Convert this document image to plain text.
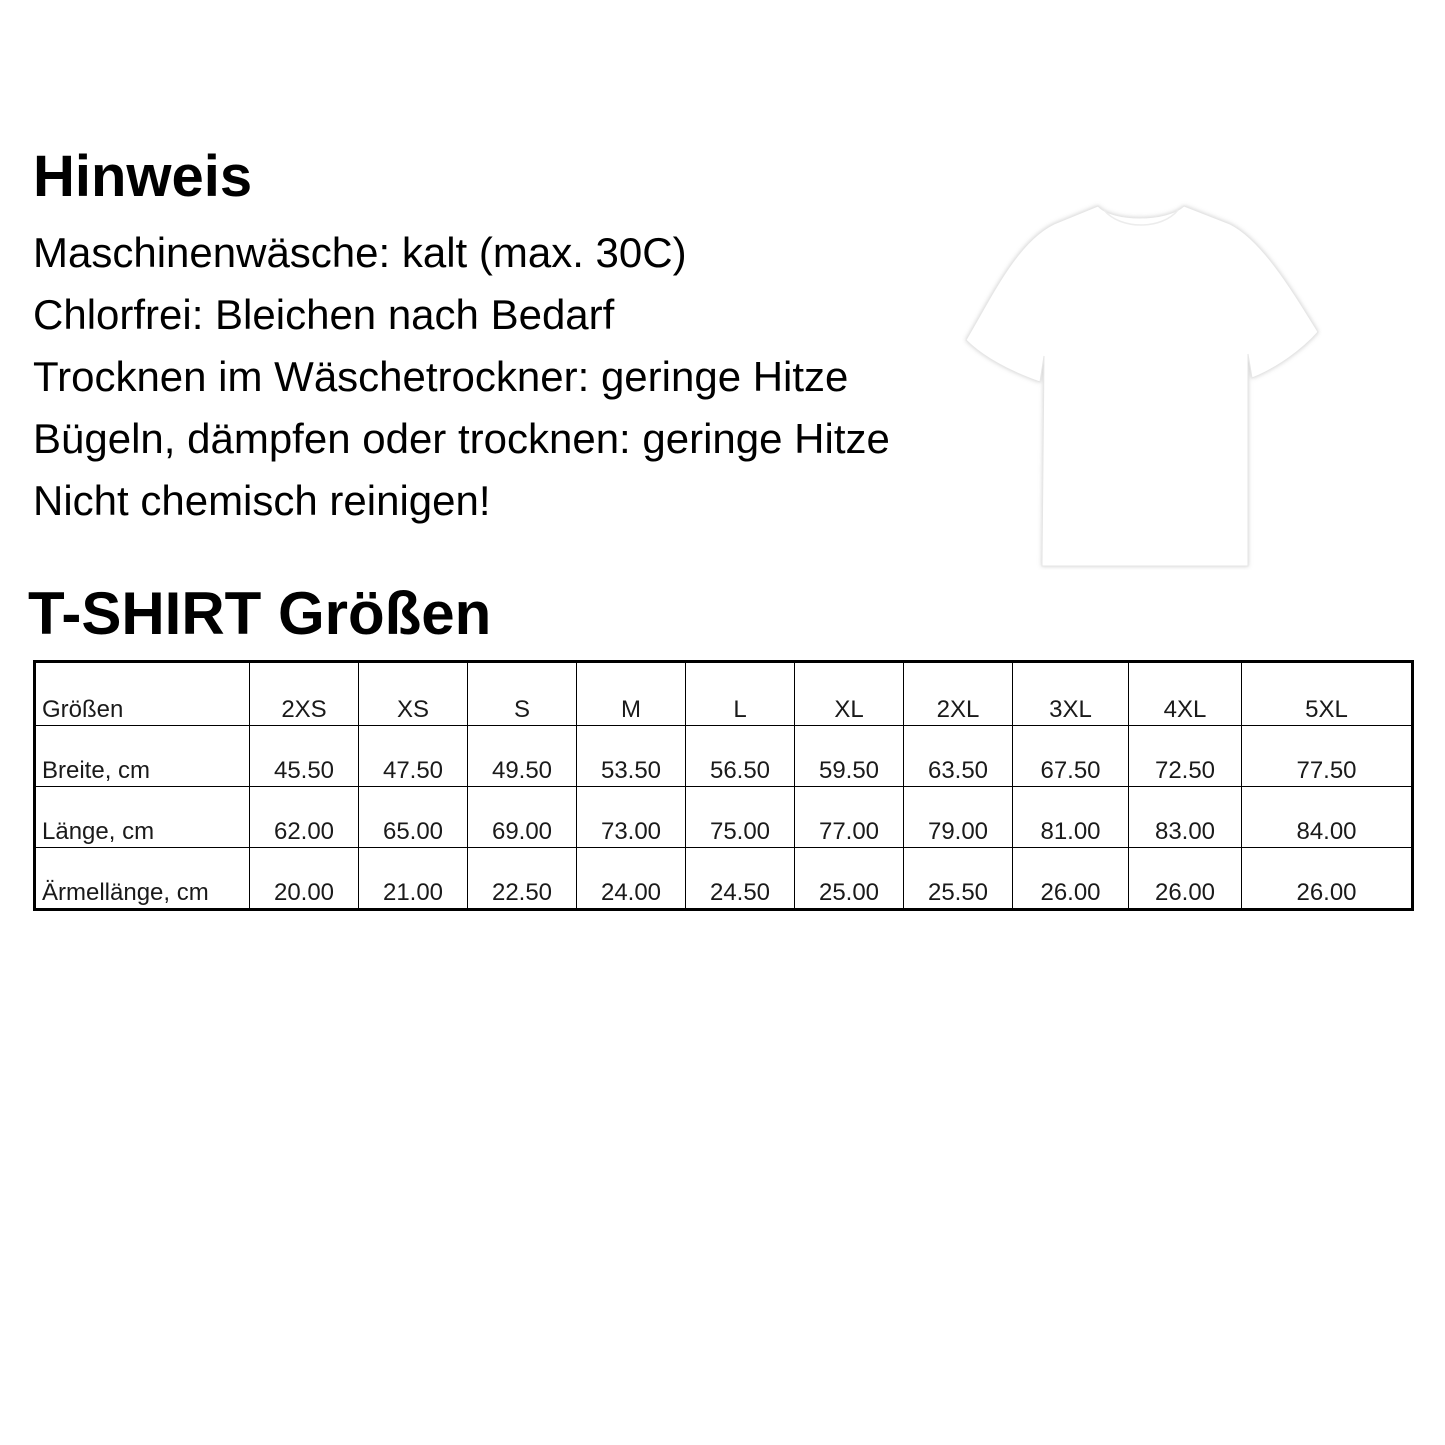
Hinweis
Maschinenwäsche: kalt (max. 30C)
Chlorfrei: Bleichen nach Bedarf
Trocknen im Wäschetrockner: geringe Hitze
Bügeln, dämpfen oder trocknen: geringe Hitze
Nicht chemisch reinigen!
T-SHIRT Größen
Größen	2XS	XS	S	M	L	XL	2XL	3XL	4XL	5XL
Breite, cm	45.50	47.50	49.50	53.50	56.50	59.50	63.50	67.50	72.50	77.50
Länge, cm	62.00	65.00	69.00	73.00	75.00	77.00	79.00	81.00	83.00	84.00
Ärmellänge, cm	20.00	21.00	22.50	24.00	24.50	25.00	25.50	26.00	26.00	26.00
